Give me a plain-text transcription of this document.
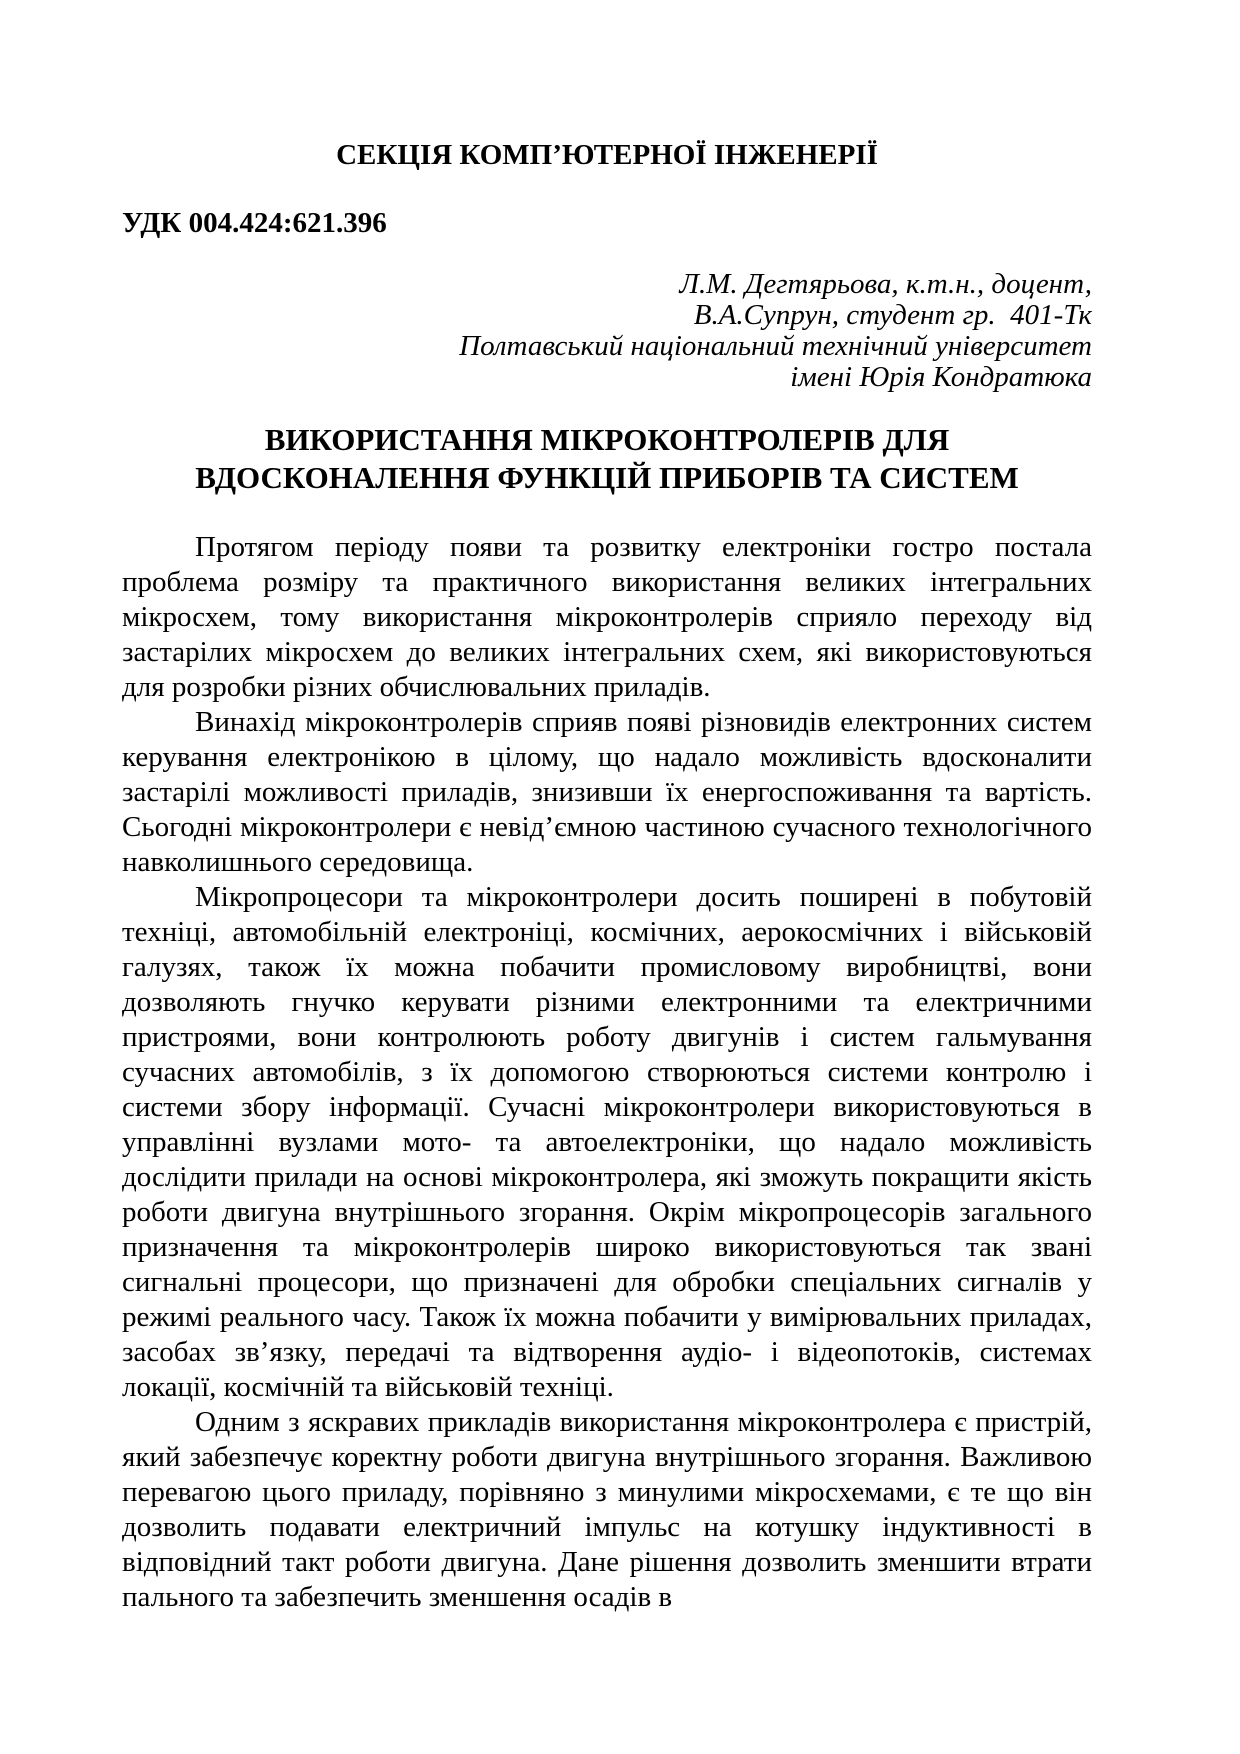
СЕКЦІЯ КОМП’ЮТЕРНОЇ ІНЖЕНЕРІЇ
УДК 004.424:621.396
Л.М. Дегтярьова, к.т.н., доцент,
В.А.Супрун, студент гр.  401-Тк
Полтавський національний технічний університет
імені Юрія Кондратюка
ВИКОРИСТАННЯ МІКРОКОНТРОЛЕРІВ ДЛЯ
ВДОСКОНАЛЕННЯ ФУНКЦІЙ ПРИБОРІВ ТА СИСТЕМ

Протягом періоду появи та розвитку електроніки гостро постала проблема розміру та практичного використання великих інтегральних мікросхем, тому використання мікроконтролерів сприяло переходу від застарілих мікросхем до великих інтегральних схем, які використовуються для розробки різних обчислювальних приладів.

Винахід мікроконтролерів сприяв появі різновидів електронних систем керування електронікою в цілому, що надало можливість вдосконалити застарілі можливості приладів, знизивши їх енергоспоживання та вартість. Сьогодні мікроконтролери є невід’ємною частиною сучасного технологічного навколишнього середовища.

Мікропроцесори та мікроконтролери досить поширені в побутовій техніці, автомобільній електроніці, космічних, аерокосмічних і військовій галузях, також їх можна побачити промисловому виробництві, вони дозволяють гнучко керувати різними електронними та електричними пристроями, вони контролюють роботу двигунів і систем гальмування сучасних автомобілів, з їх допомогою створюються системи контролю і системи збору інформації. Сучасні мікроконтролери використовуються в управлінні вузлами мото- та автоелектроніки, що надало можливість дослідити прилади на основі мікроконтролера, які зможуть покращити якість роботи двигуна внутрішнього згорання. Окрім мікропроцесорів загального призначення та мікроконтролерів широко використовуються так звані сигнальні процесори, що призначені для обробки спеціальних сигналів у режимі реального часу. Також їх можна побачити у вимірювальних приладах, засобах зв’язку, передачі та відтворення аудіо- і відеопотоків, системах локації, космічній та військовій техніці.

Одним з яскравих прикладів використання мікроконтролера є пристрій, який забезпечує коректну роботи двигуна внутрішнього згорання. Важливою перевагою цього приладу, порівняно з минулими мікросхемами, є те що він дозволить подавати електричний імпульс на котушку індуктивності в відповідний такт роботи двигуна. Дане рішення дозволить зменшити втрати пального та забезпечить зменшення осадів в
